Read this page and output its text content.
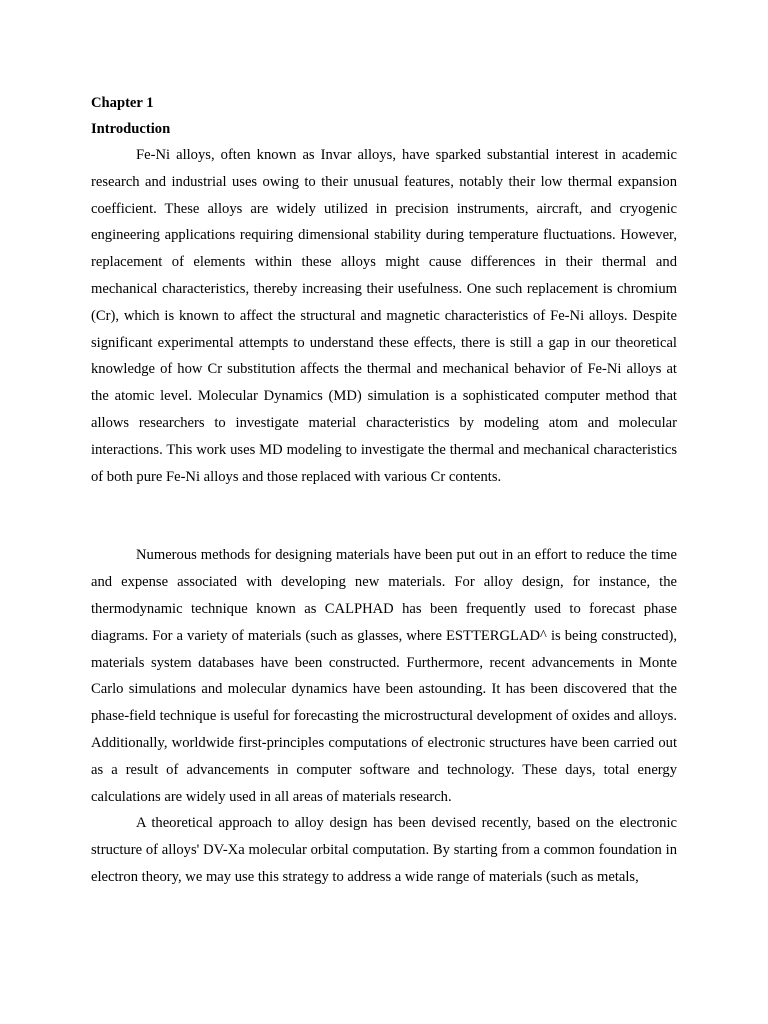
Chapter 1

Introduction

Fe-Ni alloys, often known as Invar alloys, have sparked substantial interest in academic research and industrial uses owing to their unusual features, notably their low thermal expansion coefficient. These alloys are widely utilized in precision instruments, aircraft, and cryogenic engineering applications requiring dimensional stability during temperature fluctuations. However, replacement of elements within these alloys might cause differences in their thermal and mechanical characteristics, thereby increasing their usefulness. One such replacement is chromium (Cr), which is known to affect the structural and magnetic characteristics of Fe-Ni alloys. Despite significant experimental attempts to understand these effects, there is still a gap in our theoretical knowledge of how Cr substitution affects the thermal and mechanical behavior of Fe-Ni alloys at the atomic level. Molecular Dynamics (MD) simulation is a sophisticated computer method that allows researchers to investigate material characteristics by modeling atom and molecular interactions. This work uses MD modeling to investigate the thermal and mechanical characteristics of both pure Fe-Ni alloys and those replaced with various Cr contents.

Numerous methods for designing materials have been put out in an effort to reduce the time and expense associated with developing new materials. For alloy design, for instance, the thermodynamic technique known as CALPHAD has been frequently used to forecast phase diagrams. For a variety of materials (such as glasses, where ESTTERGLAD^ is being constructed), materials system databases have been constructed. Furthermore, recent advancements in Monte Carlo simulations and molecular dynamics have been astounding. It has been discovered that the phase-field technique is useful for forecasting the microstructural development of oxides and alloys. Additionally, worldwide first-principles computations of electronic structures have been carried out as a result of advancements in computer software and technology. These days, total energy calculations are widely used in all areas of materials research.

A theoretical approach to alloy design has been devised recently, based on the electronic structure of alloys' DV-Xa molecular orbital computation. By starting from a common foundation in electron theory, we may use this strategy to address a wide range of materials (such as metals,
